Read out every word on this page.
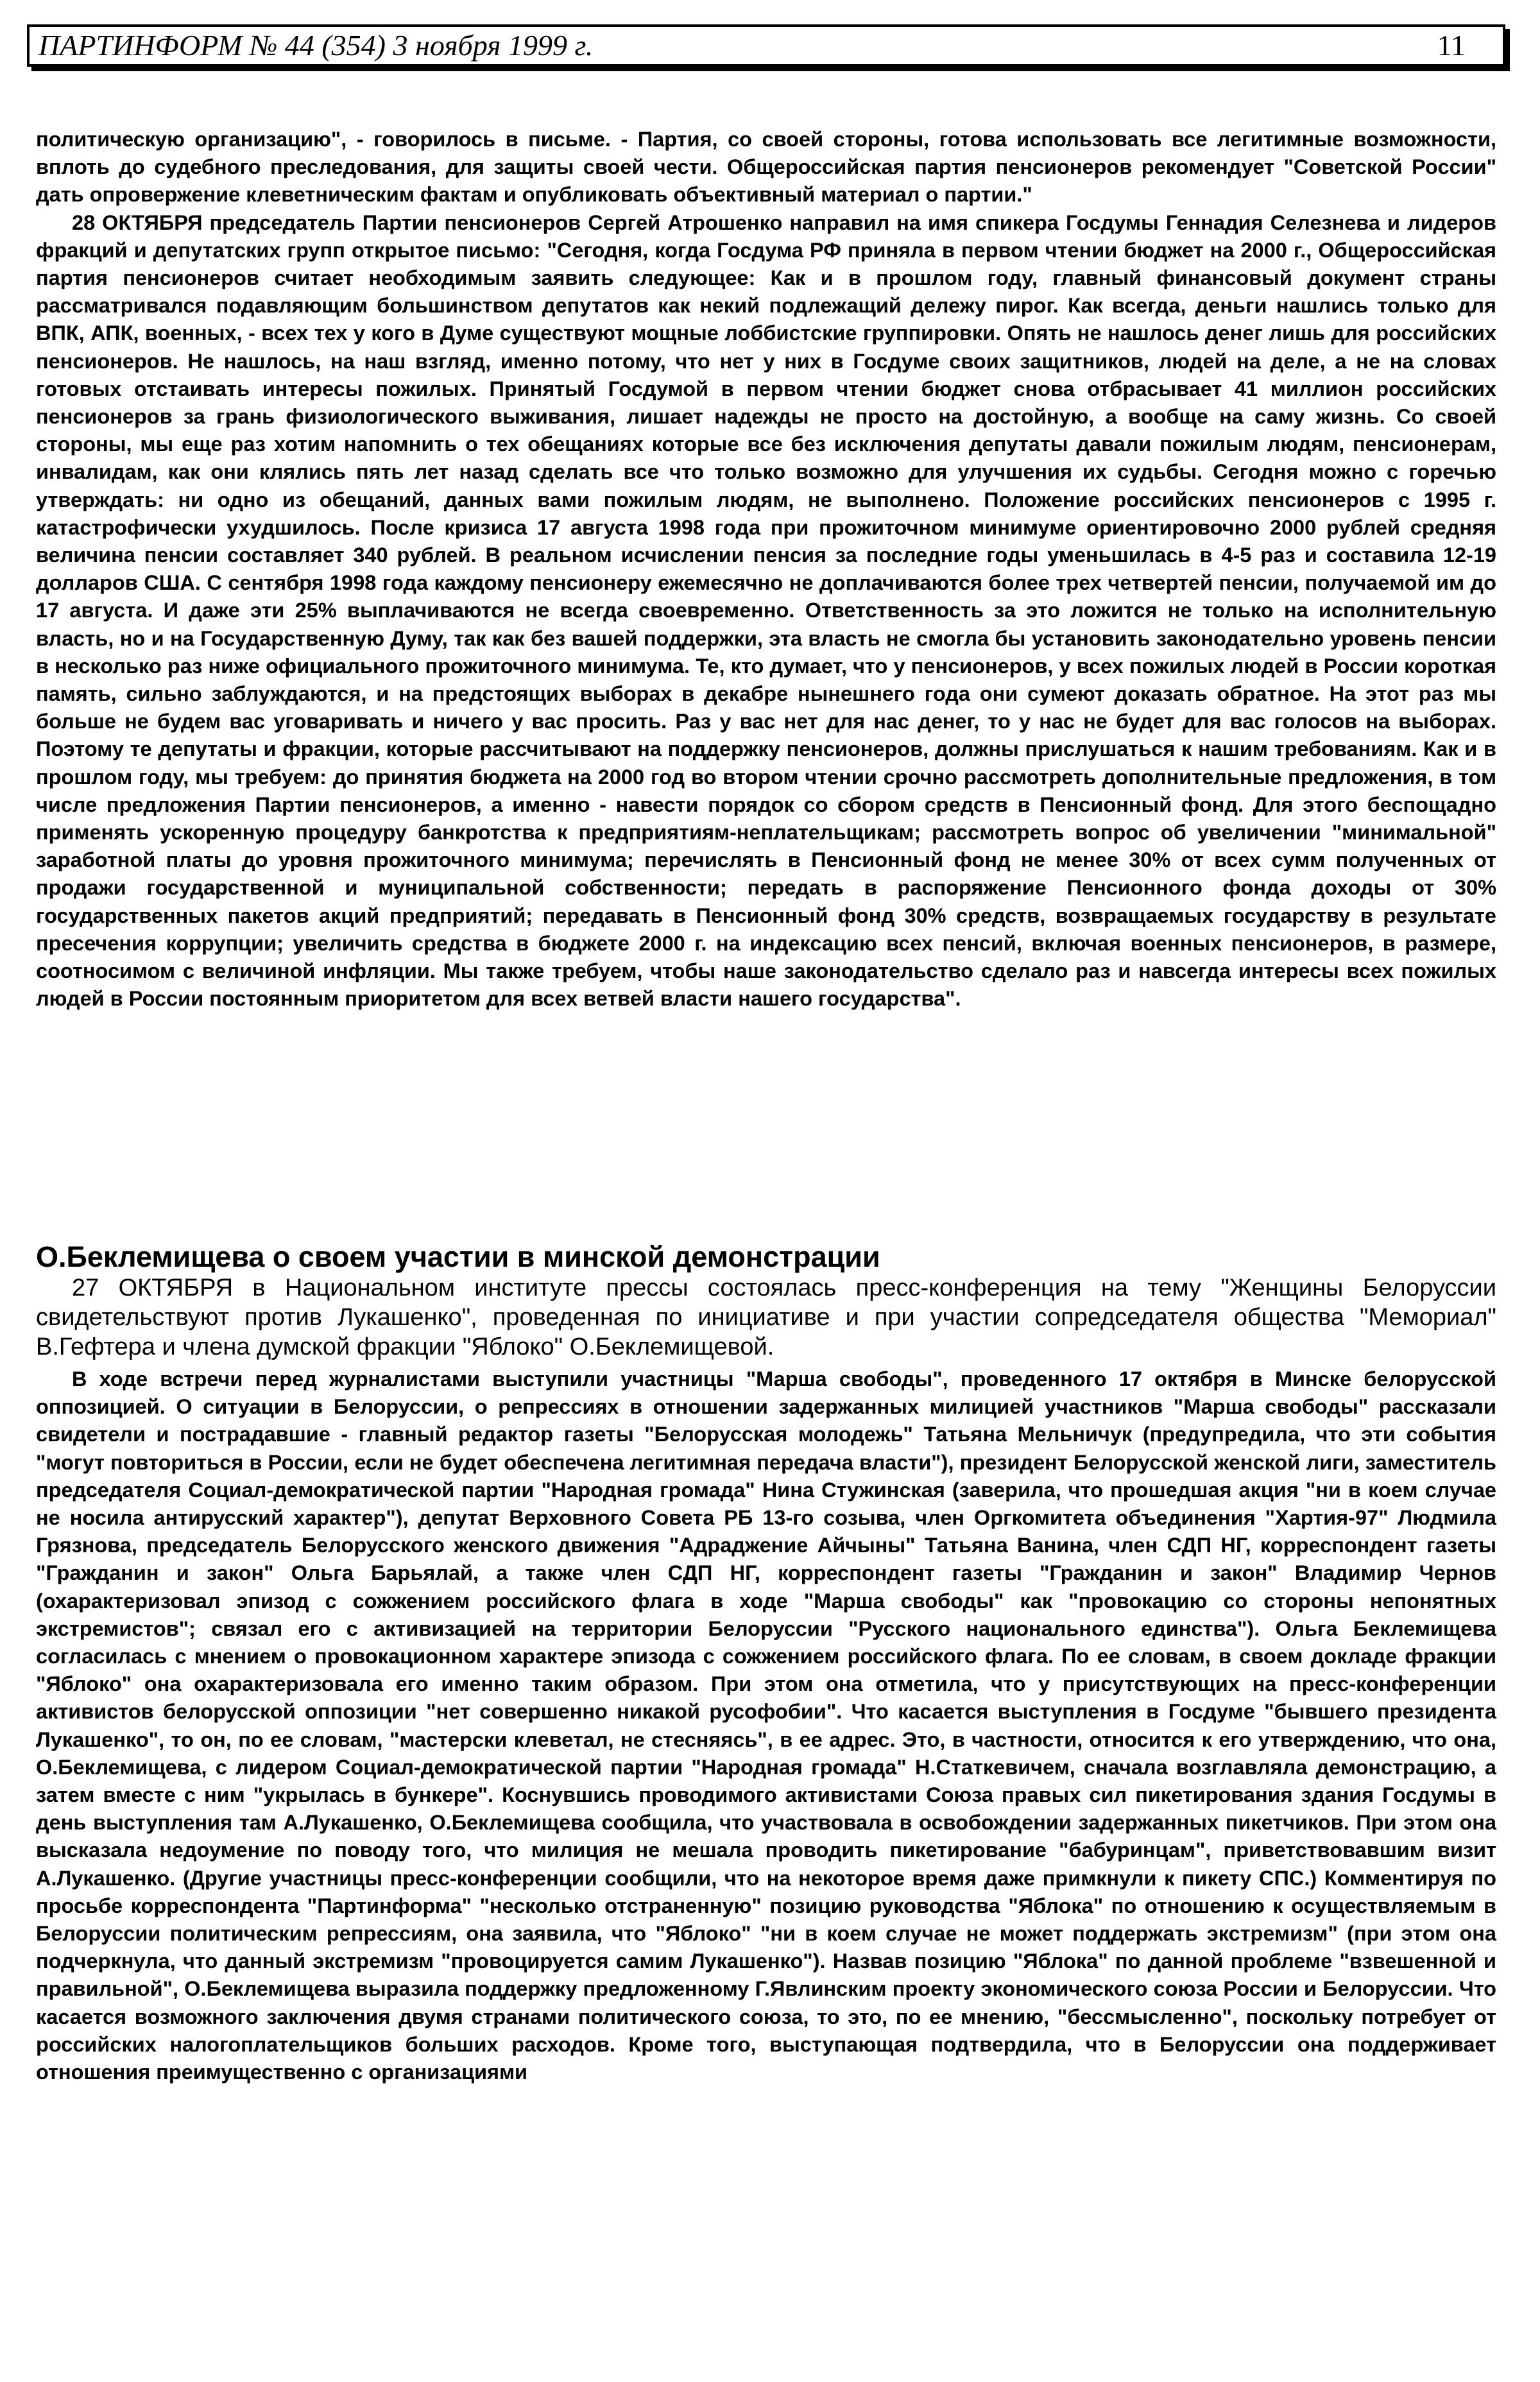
ПАРТИНФОРМ № 44 (354) 3 ноября 1999 г.	11

политическую организацию", - говорилось в письме. - Партия, со своей стороны, готова использовать все легитимные возможности, вплоть до судебного преследования, для защиты своей чести. Общероссийская партия пенсионеров рекомендует "Советской России" дать опровержение клеветническим фактам и опубликовать объективный материал о партии."

28 ОКТЯБРЯ председатель Партии пенсионеров Сергей Атрошенко направил на имя спикера Госдумы Геннадия Селезнева и лидеров фракций и депутатских групп открытое письмо: "Сегодня, когда Госдума РФ приняла в первом чтении бюджет на 2000 г., Общероссийская партия пенсионеров считает необходимым заявить следующее: Как и в прошлом году, главный финансовый документ страны рассматривался подавляющим большинством депутатов как некий подлежащий дележу пирог. Как всегда, деньги нашлись только для ВПК, АПК, военных, - всех тех у кого в Думе существуют мощные лоббистские группировки. Опять не нашлось денег лишь для российских пенсионеров. Не нашлось, на наш взгляд, именно потому, что нет у них в Госдуме своих защитников, людей на деле, а не на словах готовых отстаивать интересы пожилых. Принятый Госдумой в первом чтении бюджет снова отбрасывает 41 миллион российских пенсионеров за грань физиологического выживания, лишает надежды не просто на достойную, а вообще на саму жизнь. Со своей стороны, мы еще раз хотим напомнить о тех обещаниях которые все без исключения депутаты давали пожилым людям, пенсионерам, инвалидам, как они клялись пять лет назад сделать все что только возможно для улучшения их судьбы. Сегодня можно с горечью утверждать: ни одно из обещаний, данных вами пожилым людям, не выполнено. Положение российских пенсионеров с 1995 г. катастрофически ухудшилось. После кризиса 17 августа 1998 года при прожиточном минимуме ориентировочно 2000 рублей средняя величина пенсии составляет 340 рублей. В реальном исчислении пенсия за последние годы уменьшилась в 4-5 раз и составила 12-19 долларов США. С сентября 1998 года каждому пенсионеру ежемесячно не доплачиваются более трех четвертей пенсии, получаемой им до 17 августа. И даже эти 25% выплачиваются не всегда своевременно. Ответственность за это ложится не только на исполнительную власть, но и на Государственную Думу, так как без вашей поддержки, эта власть не смогла бы установить законодательно уровень пенсии в несколько раз ниже официального прожиточного минимума. Те, кто думает, что у пенсионеров, у всех пожилых людей в России короткая память, сильно заблуждаются, и на предстоящих выборах в декабре нынешнего года они сумеют доказать обратное. На этот раз мы больше не будем вас уговаривать и ничего у вас просить. Раз у вас нет для нас денег, то у нас не будет для вас голосов на выборах. Поэтому те депутаты и фракции, которые рассчитывают на поддержку пенсионеров, должны прислушаться к нашим требованиям. Как и в прошлом году, мы требуем: до принятия бюджета на 2000 год во втором чтении срочно рассмотреть дополнительные предложения, в том числе предложения Партии пенсионеров, а именно - навести порядок со сбором средств в Пенсионный фонд. Для этого беспощадно применять ускоренную процедуру банкротства к предприятиям-неплательщикам; рассмотреть вопрос об увеличении "минимальной" заработной платы до уровня прожиточного минимума; перечислять в Пенсионный фонд не менее 30% от всех сумм полученных от продажи государственной и муниципальной собственности; передать в распоряжение Пенсионного фонда доходы от 30% государственных пакетов акций предприятий; передавать в Пенсионный фонд 30% средств, возвращаемых государству в результате пресечения коррупции; увеличить средства в бюджете 2000 г. на индексацию всех пенсий, включая военных пенсионеров, в размере, соотносимом с величиной инфляции. Мы также требуем, чтобы наше законодательство сделало раз и навсегда интересы всех пожилых людей в России постоянным приоритетом для всех ветвей власти нашего государства".

О.Беклемищева о своем участии в минской демонстрации

27 ОКТЯБРЯ в Национальном институте прессы состоялась пресс-конференция на тему "Женщины Белоруссии свидетельствуют против Лукашенко", проведенная по инициативе и при участии сопредседателя общества "Мемориал" В.Гефтера и члена думской фракции "Яблоко" О.Беклемищевой.

В ходе встречи перед журналистами выступили участницы "Марша свободы", проведенного 17 октября в Минске белорусской оппозицией. О ситуации в Белоруссии, о репрессиях в отношении задержанных милицией участников "Марша свободы" рассказали свидетели и пострадавшие - главный редактор газеты "Белорусская молодежь" Татьяна Мельничук (предупредила, что эти события "могут повториться в России, если не будет обеспечена легитимная передача власти"), президент Белорусской женской лиги, заместитель председателя Социал-демократической партии "Народная громада" Нина Стужинская (заверила, что прошедшая акция "ни в коем случае не носила антирусский характер"), депутат Верховного Совета РБ 13-го созыва, член Оргкомитета объединения "Хартия-97" Людмила Грязнова, председатель Белорусского женского движения "Адраджение Айчыны" Татьяна Ванина, член СДП НГ, корреспондент газеты "Гражданин и закон" Ольга Барьялай, а также член СДП НГ, корреспондент газеты "Гражданин и закон" Владимир Чернов (охарактеризовал эпизод с сожжением российского флага в ходе "Марша свободы" как "провокацию со стороны непонятных экстремистов"; связал его с активизацией на территории Белоруссии "Русского национального единства"). Ольга Беклемищева согласилась с мнением о провокационном характере эпизода с сожжением российского флага. По ее словам, в своем докладе фракции "Яблоко" она охарактеризовала его именно таким образом. При этом она отметила, что у присутствующих на пресс-конференции активистов белорусской оппозиции "нет совершенно никакой русофобии". Что касается выступления в Госдуме "бывшего президента Лукашенко", то он, по ее словам, "мастерски клеветал, не стесняясь", в ее адрес. Это, в частности, относится к его утверждению, что она, О.Беклемищева, с лидером Социал-демократической партии "Народная громада" Н.Статкевичем, сначала возглавляла демонстрацию, а затем вместе с ним "укрылась в бункере". Коснувшись проводимого активистами Союза правых сил пикетирования здания Госдумы в день выступления там А.Лукашенко, О.Беклемищева сообщила, что участвовала в освобождении задержанных пикетчиков. При этом она высказала недоумение по поводу того, что милиция не мешала проводить пикетирование "бабуринцам", приветствовавшим визит А.Лукашенко. (Другие участницы пресс-конференции сообщили, что на некоторое время даже примкнули к пикету СПС.) Комментируя по просьбе корреспондента "Партинформа" "несколько отстраненную" позицию руководства "Яблока" по отношению к осуществляемым в Белоруссии политическим репрессиям, она заявила, что "Яблоко" "ни в коем случае не может поддержать экстремизм" (при этом она подчеркнула, что данный экстремизм "провоцируется самим Лукашенко"). Назвав позицию "Яблока" по данной проблеме "взвешенной и правильной", О.Беклемищева выразила поддержку предложенному Г.Явлинским проекту экономического союза России и Белоруссии. Что касается возможного заключения двумя странами политического союза, то это, по ее мнению, "бессмысленно", поскольку потребует от российских налогоплательщиков больших расходов. Кроме того, выступающая подтвердила, что в Белоруссии она поддерживает отношения преимущественно с организациями
